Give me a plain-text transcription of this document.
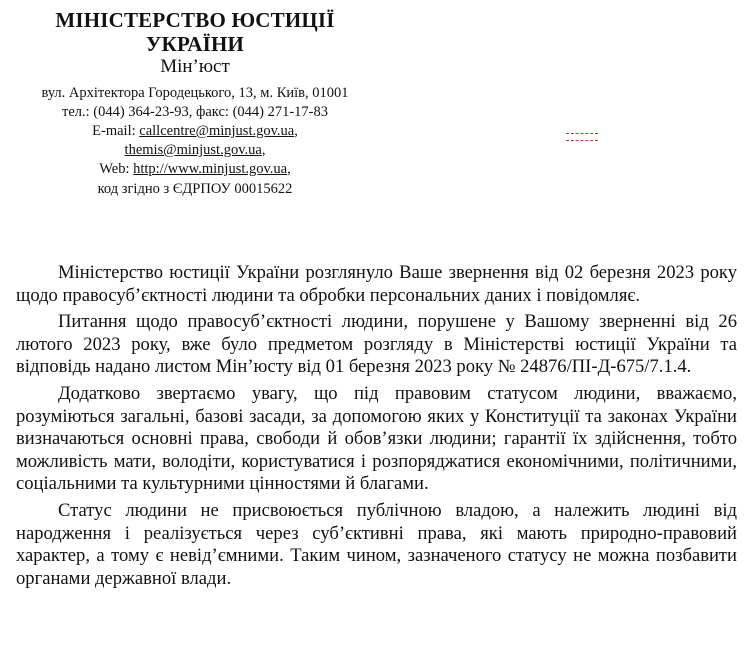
МІНІСТЕРСТВО ЮСТИЦІЇ
УКРАЇНИ
Мін’юст
вул. Архітектора Городецького, 13, м. Київ, 01001
тел.: (044) 364-23-93, факс: (044) 271-17-83
E-mail: callcentre@minjust.gov.ua,
themis@minjust.gov.ua,
Web: http://www.minjust.gov.ua,
код згідно з ЄДРПОУ 00015622

Міністерство юстиції України розглянуло Ваше звернення від 02 березня 2023 року щодо правосуб’єктності людини та обробки персональних даних і повідомляє.

Питання щодо правосуб’єктності людини, порушене у Вашому зверненні від 26 лютого 2023 року, вже було предметом розгляду в Міністерстві юстиції України та відповідь надано листом Мін’юсту від 01 березня 2023 року № 24876/ПІ-Д-675/7.1.4.

Додатково звертаємо увагу, що під правовим статусом людини, вважаємо, розуміються загальні, базові засади, за допомогою яких у Конституції та законах України визначаються основні права, свободи й обов’язки людини; гарантії їх здійснення, тобто можливість мати, володіти, користуватися і розпоряджатися економічними, політичними, соціальними та культурними цінностями й благами.

Статус людини не присвоюється публічною владою, а належить людині від народження і реалізується через суб’єктивні права, які мають природно-правовий характер, а тому є невід’ємними. Таким чином, зазначеного статусу не можна позбавити органами державної влади.
